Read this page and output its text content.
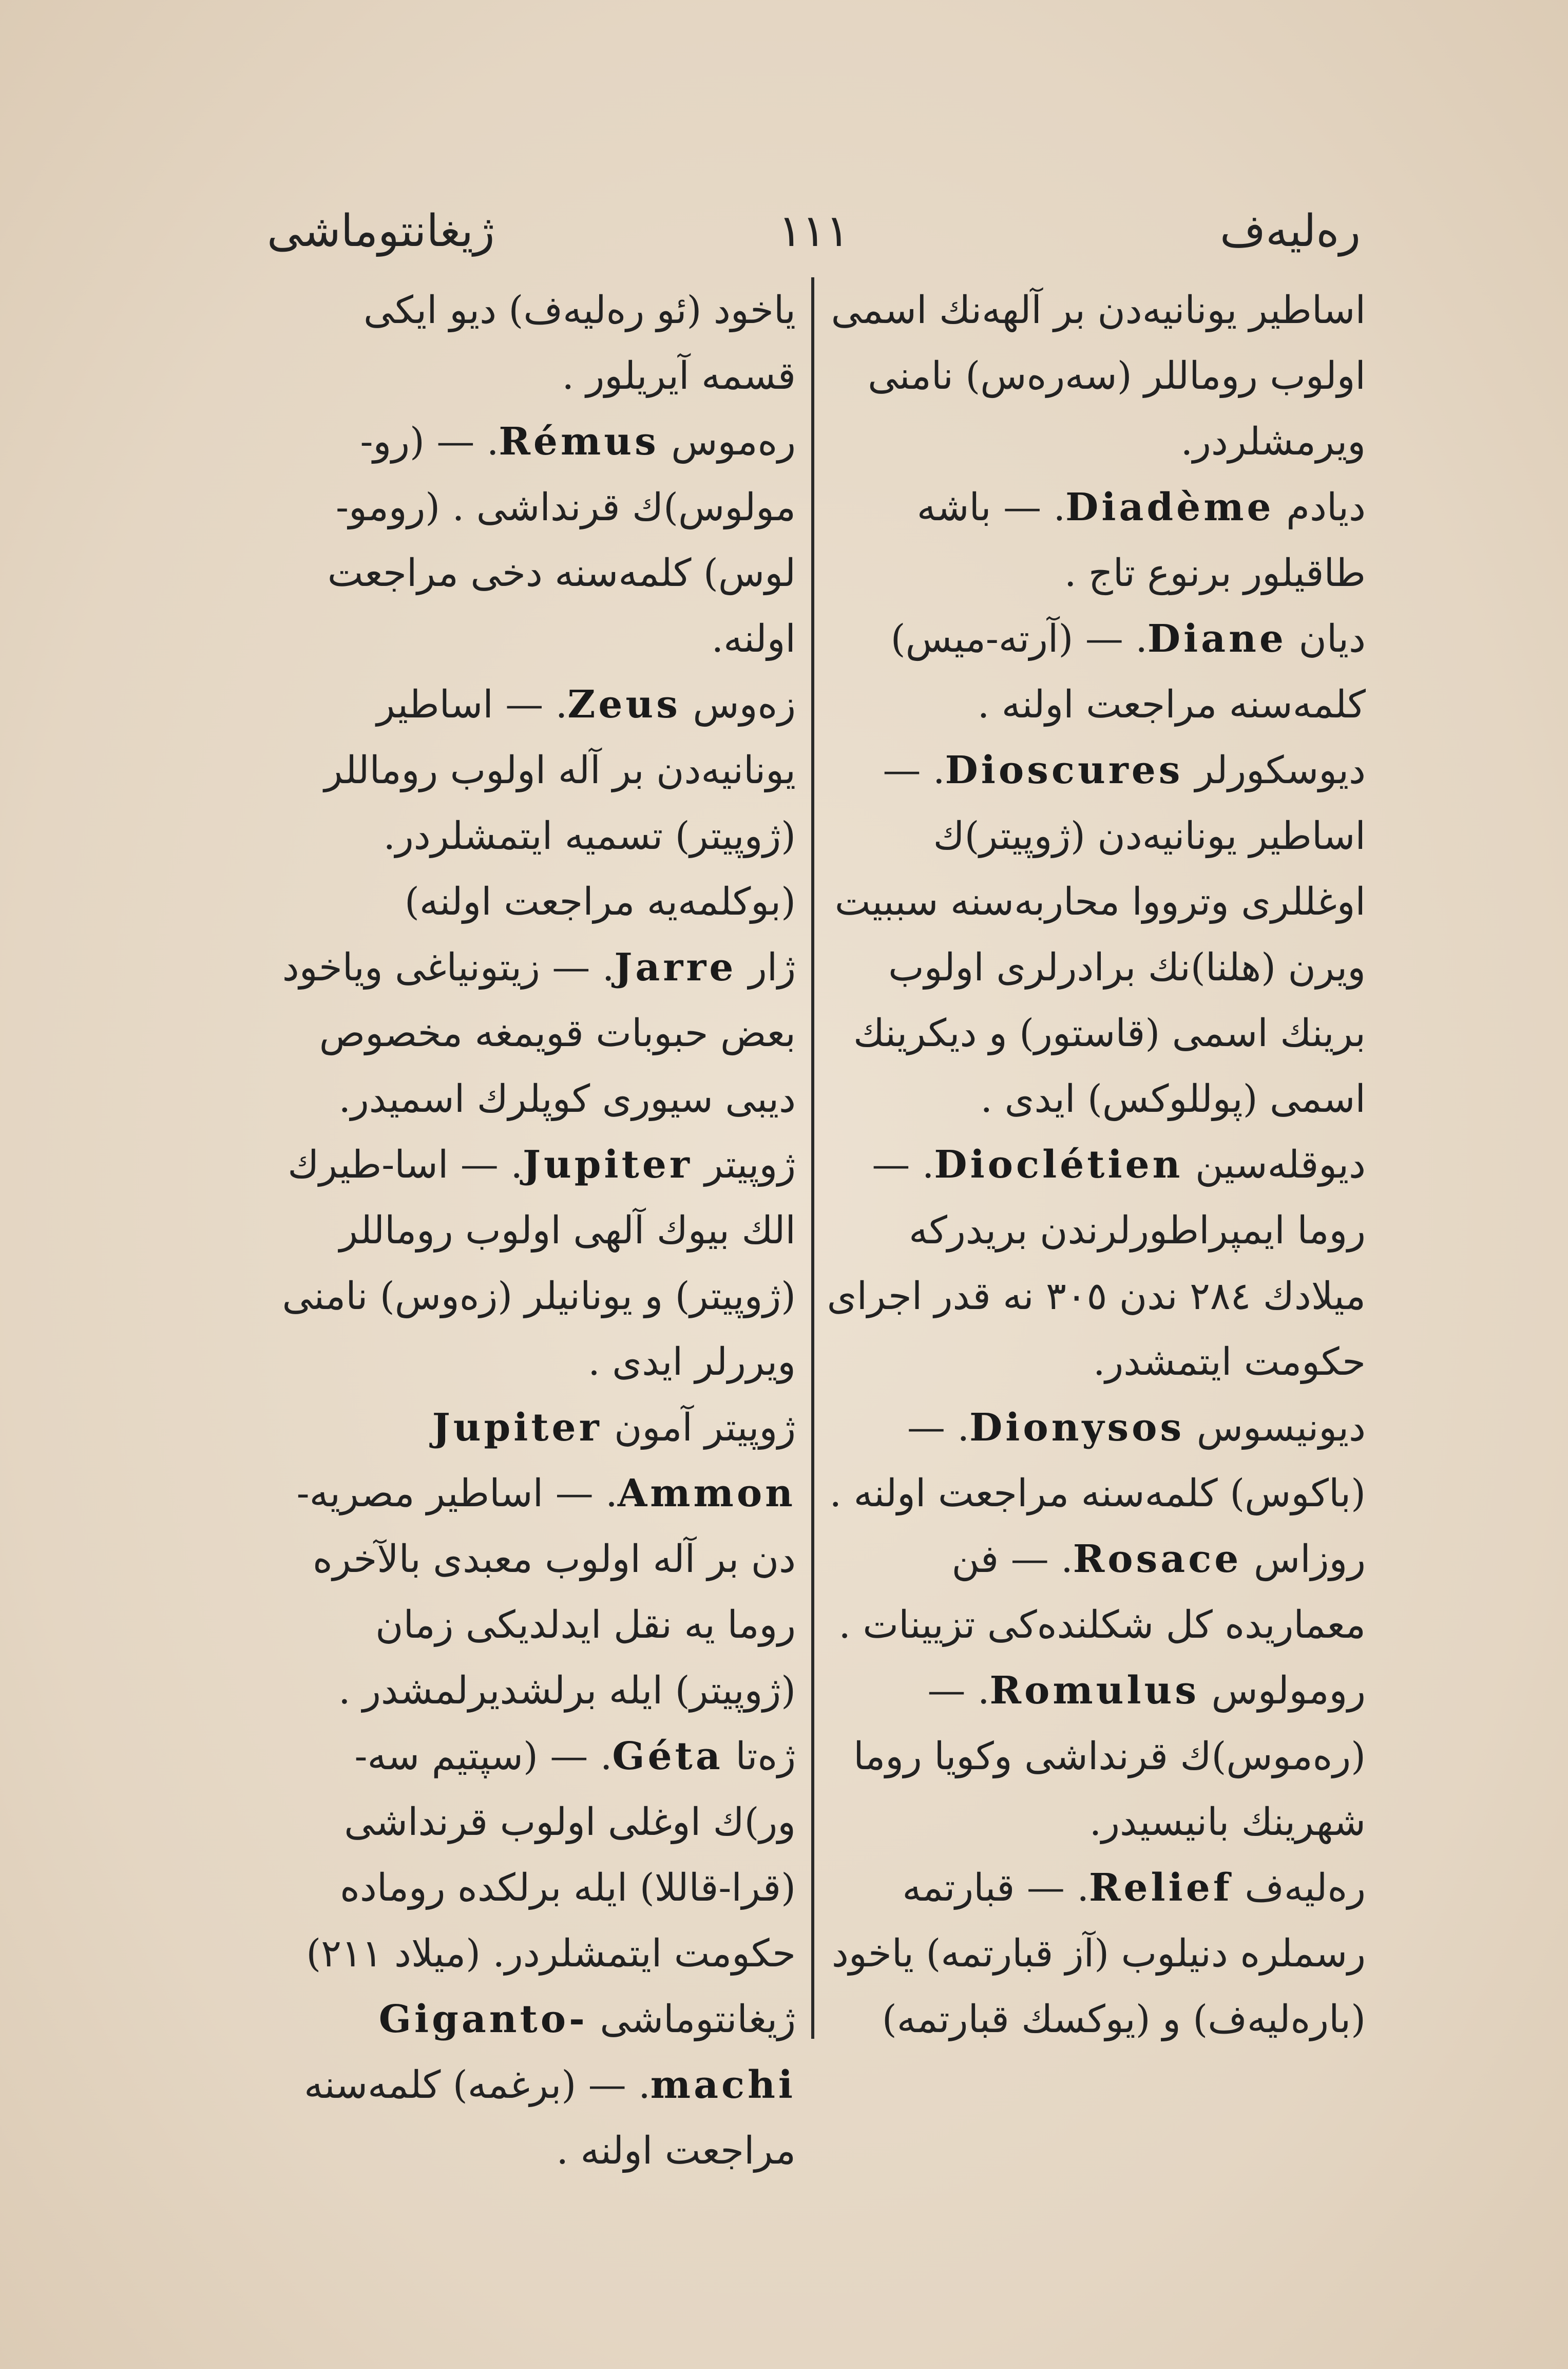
رەلیەف
۱۱۱
ژیغانتوماشی

اساطیر یونانیەدن بر آلهەنك اسمی اولوب روماللر (سەرەس) نامنی ویرمشلردر.

دیادم Diadème. — باشە طاقیلور برنوع تاج .

دیان Diane. — (آرتە-میس) کلمەسنە مراجعت اولنە .

دیوسکورلر Dioscures. — اساطیر یونانیەدن (ژوپیتر)ك اوغللری وترووا محاربەسنە سببیت ویرن (هلنا)نك برادرلری اولوب برینك اسمی (قاستور) و دیکرینك اسمی (پوللوکس) ایدی .

دیوقلەسین Dioclétien. — روما ایمپراطورلرندن بریدرکە میلادك ۲۸٤ ندن ۳۰٥ نە قدر اجرای حکومت ایتمشدر.

دیونیسوس Dionysos. — (باکوس) کلمەسنە مراجعت اولنە .

روزاس Rosace. — فن معماریدە کل شکلندەکی تزیینات .

رومولوس Romulus. — (رەموس)ك قرنداشی وکویا روما شهرینك بانیسیدر.

رەلیەف Relief. — قبارتمە رسملرە دنیلوب (آز قبارتمە) یاخود (بارەلیەف) و (یوکسك قبارتمە)

یاخود (ئو رەلیەف) دیو ایکی قسمە آیریلور .

رەموس Rémus. — (رو-مولوس)ك قرنداشی . (رومو-لوس) کلمەسنە دخی مراجعت اولنە.

زەوس Zeus. — اساطیر یونانیەدن بر آلە اولوب روماللر (ژوپیتر) تسمیە ایتمشلردر. (بوکلمەیە مراجعت اولنە)

ژار Jarre. — زیتونیاغی ویاخود بعض حبوبات قویمغە مخصوص دیبی سیوری کوپلرك اسمیدر.

ژوپیتر Jupiter. — اسا-طیرك الك بیوك آلهی اولوب روماللر (ژوپیتر) و یونانیلر (زەوس) نامنی ویررلر ایدی .

ژوپیتر آمون Jupiter Ammon. — اساطیر مصریە-دن بر آلە اولوب معبدی بالآخرە روما یە نقل ایدلدیکی زمان (ژوپیتر) ایلە برلشدیرلمشدر .

ژەتا Géta. — (سپتیم سە-ور)ك اوغلی اولوب قرنداشی (قرا-قاللا) ایلە برلکدە رومادە حکومت ایتمشلردر. (میلاد ۲۱۱)

ژیغانتوماشی Giganto-machi. — (برغمە) کلمەسنە مراجعت اولنە .
